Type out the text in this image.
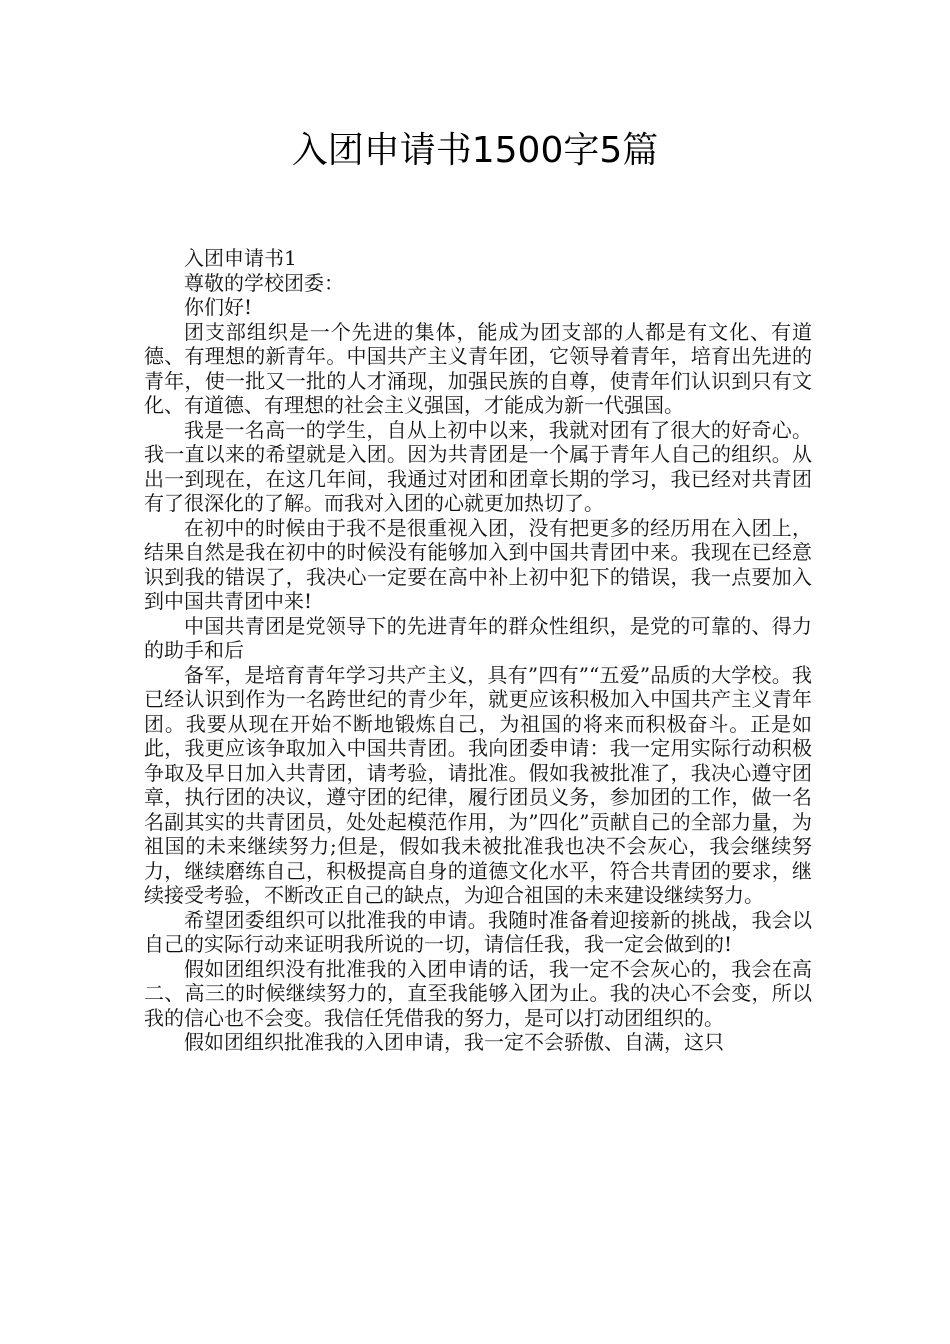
入团申请书1500字5篇

入团申请书1

尊敬的学校团委：

你们好!

团支部组织是一个先进的集体，能成为团支部的人都是有文化、有道德、有理想的新青年。中国共产主义青年团，它领导着青年，培育出先进的青年，使一批又一批的人才涌现，加强民族的自尊，使青年们认识到只有文化、有道德、有理想的社会主义强国，才能成为新一代强国。

我是一名高一的学生，自从上初中以来，我就对团有了很大的好奇心。我一直以来的希望就是入团。因为共青团是一个属于青年人自己的组织。从出一到现在，在这几年间，我通过对团和团章长期的学习，我已经对共青团有了很深化的了解。而我对入团的心就更加热切了。

在初中的时候由于我不是很重视入团，没有把更多的经历用在入团上，结果自然是我在初中的时候没有能够加入到中国共青团中来。我现在已经意识到我的错误了，我决心一定要在高中补上初中犯下的错误，我一点要加入到中国共青团中来!

中国共青团是党领导下的先进青年的群众性组织，是党的可靠的、得力的助手和后

备军，是培育青年学习共产主义，具有”四有”“五爱”品质的大学校。我已经认识到作为一名跨世纪的青少年，就更应该积极加入中国共产主义青年团。我要从现在开始不断地锻炼自己，为祖国的将来而积极奋斗。正是如此，我更应该争取加入中国共青团。我向团委申请：我一定用实际行动积极争取及早日加入共青团，请考验，请批准。假如我被批准了，我决心遵守团章，执行团的决议，遵守团的纪律，履行团员义务，参加团的工作，做一名名副其实的共青团员，处处起模范作用，为”四化”贡献自己的全部力量，为祖国的未来继续努力;但是，假如我未被批准我也决不会灰心，我会继续努力，继续磨练自己，积极提高自身的道德文化水平，符合共青团的要求，继续接受考验，不断改正自己的缺点，为迎合祖国的未来建设继续努力。

希望团委组织可以批准我的申请。我随时准备着迎接新的挑战，我会以自己的实际行动来证明我所说的一切，请信任我，我一定会做到的!

假如团组织没有批准我的入团申请的话，我一定不会灰心的，我会在高二、高三的时候继续努力的，直至我能够入团为止。我的决心不会变，所以我的信心也不会变。我信任凭借我的努力，是可以打动团组织的。

假如团组织批准我的入团申请，我一定不会骄傲、自满，这只
